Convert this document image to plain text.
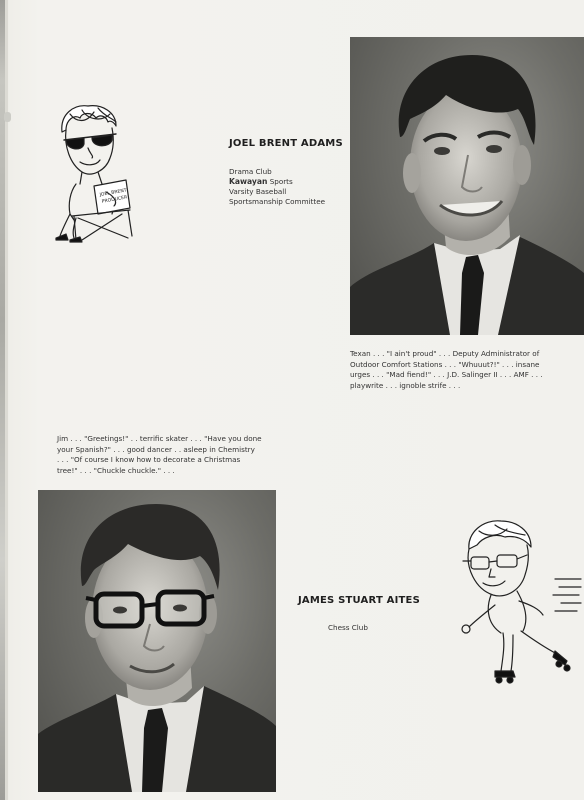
JOEL BRENT
PRODUCER
JOEL BRENT ADAMS
Drama Club
Kawayan Sports
Varsity Baseball
Sportsmanship Committee

Texan . . . "I ain't proud" . . . Deputy Administrator of

Outdoor Comfort Stations . . . "Whuuut?!" . . . insane

urges . . . "Mad fiend!" . . . J.D. Salinger II . . . AMF . . .

playwrite . . . ignoble strife . . .

Jim . . . "Greetings!" . . terrific skater . . . "Have you done

your Spanish?" . . . good dancer . . asleep in Chemistry

. . . "Of course I know how to decorate a Christmas

tree!" . . . "Chuckle chuckle." . . .

JAMES STUART AITES
Chess Club
